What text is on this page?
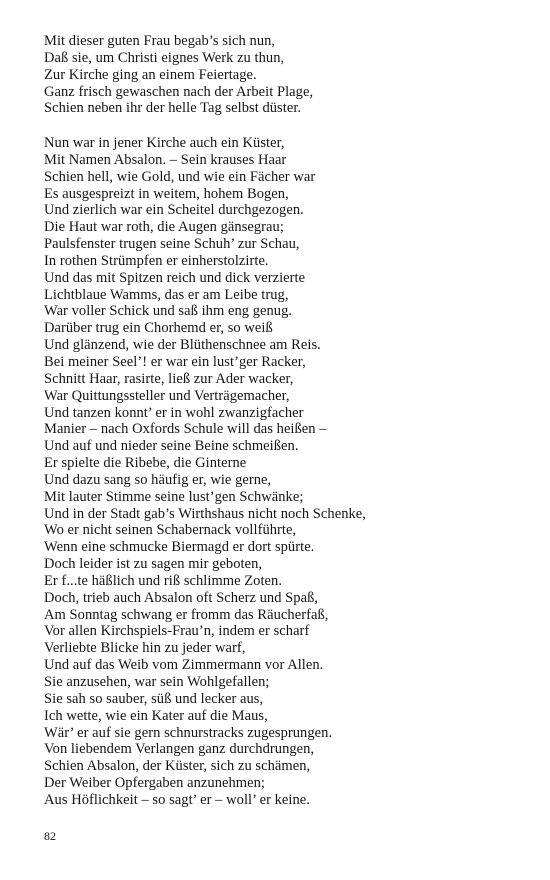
Mit dieser guten Frau begab’s sich nun,
Daß sie, um Christi eignes Werk zu thun,
Zur Kirche ging an einem Feiertage.
Ganz frisch gewaschen nach der Arbeit Plage,
Schien neben ihr der helle Tag selbst düster.
Nun war in jener Kirche auch ein Küster,
Mit Namen Absalon. – Sein krauses Haar
Schien hell, wie Gold, und wie ein Fächer war
Es ausgespreizt in weitem, hohem Bogen,
Und zierlich war ein Scheitel durchgezogen.
Die Haut war roth, die Augen gänsegrau;
Paulsfenster trugen seine Schuh’ zur Schau,
In rothen Strümpfen er einherstolzirte.
Und das mit Spitzen reich und dick verzierte
Lichtblaue Wamms, das er am Leibe trug,
War voller Schick und saß ihm eng genug.
Darüber trug ein Chorhemd er, so weiß
Und glänzend, wie der Blüthenschnee am Reis.
Bei meiner Seel’! er war ein lust’ger Racker,
Schnitt Haar, rasirte, ließ zur Ader wacker,
War Quittungssteller und Verträgemacher,
Und tanzen konnt’ er in wohl zwanzigfacher
Manier – nach Oxfords Schule will das heißen –
Und auf und nieder seine Beine schmeißen.
Er spielte die Ribebe, die Ginterne
Und dazu sang so häufig er, wie gerne,
Mit lauter Stimme seine lust’gen Schwänke;
Und in der Stadt gab’s Wirthshaus nicht noch Schenke,
Wo er nicht seinen Schabernack vollführte,
Wenn eine schmucke Biermagd er dort spürte.
Doch leider ist zu sagen mir geboten,
Er f...te häßlich und riß schlimme Zoten.
Doch, trieb auch Absalon oft Scherz und Spaß,
Am Sonntag schwang er fromm das Räucherfaß,
Vor allen Kirchspiels-Frau’n, indem er scharf
Verliebte Blicke hin zu jeder warf,
Und auf das Weib vom Zimmermann vor Allen.
Sie anzusehen, war sein Wohlgefallen;
Sie sah so sauber, süß und lecker aus,
Ich wette, wie ein Kater auf die Maus,
Wär’ er auf sie gern schnurstracks zugesprungen.
Von liebendem Verlangen ganz durchdrungen,
Schien Absalon, der Küster, sich zu schämen,
Der Weiber Opfergaben anzunehmen;
Aus Höflichkeit – so sagt’ er – woll’ er keine.
82
